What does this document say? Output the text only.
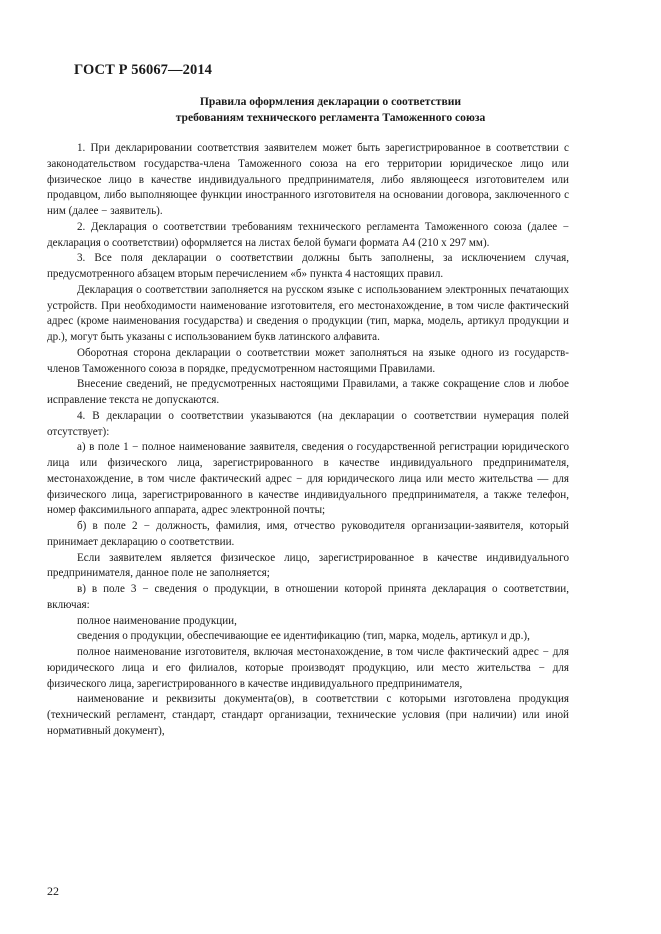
ГОСТ Р 56067—2014
Правила оформления декларации о соответствии
требованиям технического регламента Таможенного союза

1. При декларировании соответствия заявителем может быть зарегистрированное в соответствии с законодательством государства-члена Таможенного союза на его территории юридическое лицо или физическое лицо в качестве индивидуального предпринимателя, либо являющееся изготовителем или продавцом, либо выполняющее функции иностранного изготовителя на основании договора, заключенного с ним (далее − заявитель).

2. Декларация о соответствии требованиям технического регламента Таможенного союза (далее − декларация о соответствии) оформляется на листах белой бумаги формата А4 (210 х 297 мм).

3. Все поля декларации о соответствии должны быть заполнены, за исключением случая, предусмотренного абзацем вторым перечислением «б» пункта 4 настоящих правил.

Декларация о соответствии заполняется на русском языке с использованием электронных печатающих устройств. При необходимости наименование изготовителя, его местонахождение, в том числе фактический адрес (кроме наименования государства) и сведения о продукции (тип, марка, модель, артикул продукции и др.), могут быть указаны с использованием букв латинского алфавита.

Оборотная сторона декларации о соответствии может заполняться на языке одного из государств-членов Таможенного союза в порядке, предусмотренном настоящими Правилами.

Внесение сведений, не предусмотренных настоящими Правилами, а также сокращение слов и любое исправление текста не допускаются.

4. В декларации о соответствии указываются (на декларации о соответствии нумерация полей отсутствует):

а) в поле 1 − полное наименование заявителя, сведения о государственной регистрации юридического лица или физического лица, зарегистрированного в качестве индивидуального предпринимателя, местонахождение, в том числе фактический адрес − для юридического лица или место жительства — для физического лица, зарегистрированного в качестве индивидуального предпринимателя, а также телефон, номер факсимильного аппарата, адрес электронной почты;

б) в поле 2 − должность, фамилия, имя, отчество руководителя организации-заявителя, который принимает декларацию о соответствии.

Если заявителем является физическое лицо, зарегистрированное в качестве индивидуального предпринимателя, данное поле не заполняется;

в) в поле 3 − сведения о продукции, в отношении которой принята декларация о соответствии, включая:

полное наименование продукции,

сведения о продукции, обеспечивающие ее идентификацию (тип, марка, модель, артикул и др.),

полное наименование изготовителя, включая местонахождение, в том числе фактический адрес − для юридического лица и его филиалов, которые производят продукцию, или место жительства − для физического лица, зарегистрированного в качестве индивидуального предпринимателя,

наименование и реквизиты документа(ов), в соответствии с которыми изготовлена продукция (технический регламент, стандарт, стандарт организации, технические условия (при наличии) или иной нормативный документ),

22
